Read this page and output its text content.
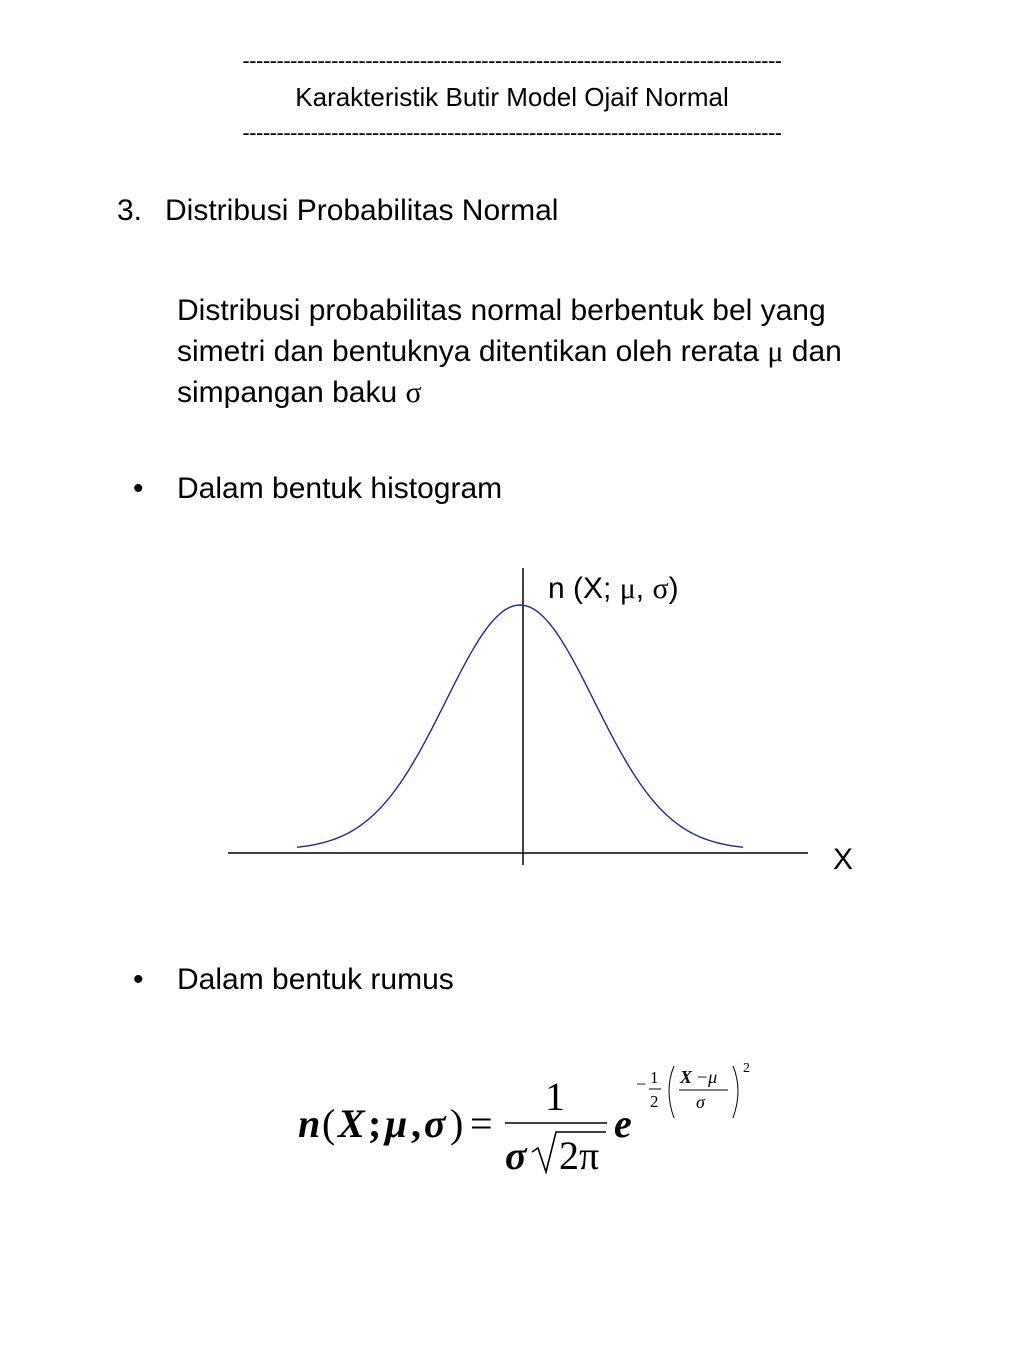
-------------------------------------------------------------------------------
Karakteristik Butir Model Ojaif Normal
-------------------------------------------------------------------------------
3. Distribusi Probabilitas Normal
Distribusi probabilitas normal berbentuk bel yang
simetri dan bentuknya ditentikan oleh rerata μ dan
simpangan baku σ
• Dalam bentuk histogram
n (X; μ, σ)
X
• Dalam bentuk rumus
n ( X ; μ , σ ) =
1
σ 2π
e
− 1
2
X −μ
σ
2
